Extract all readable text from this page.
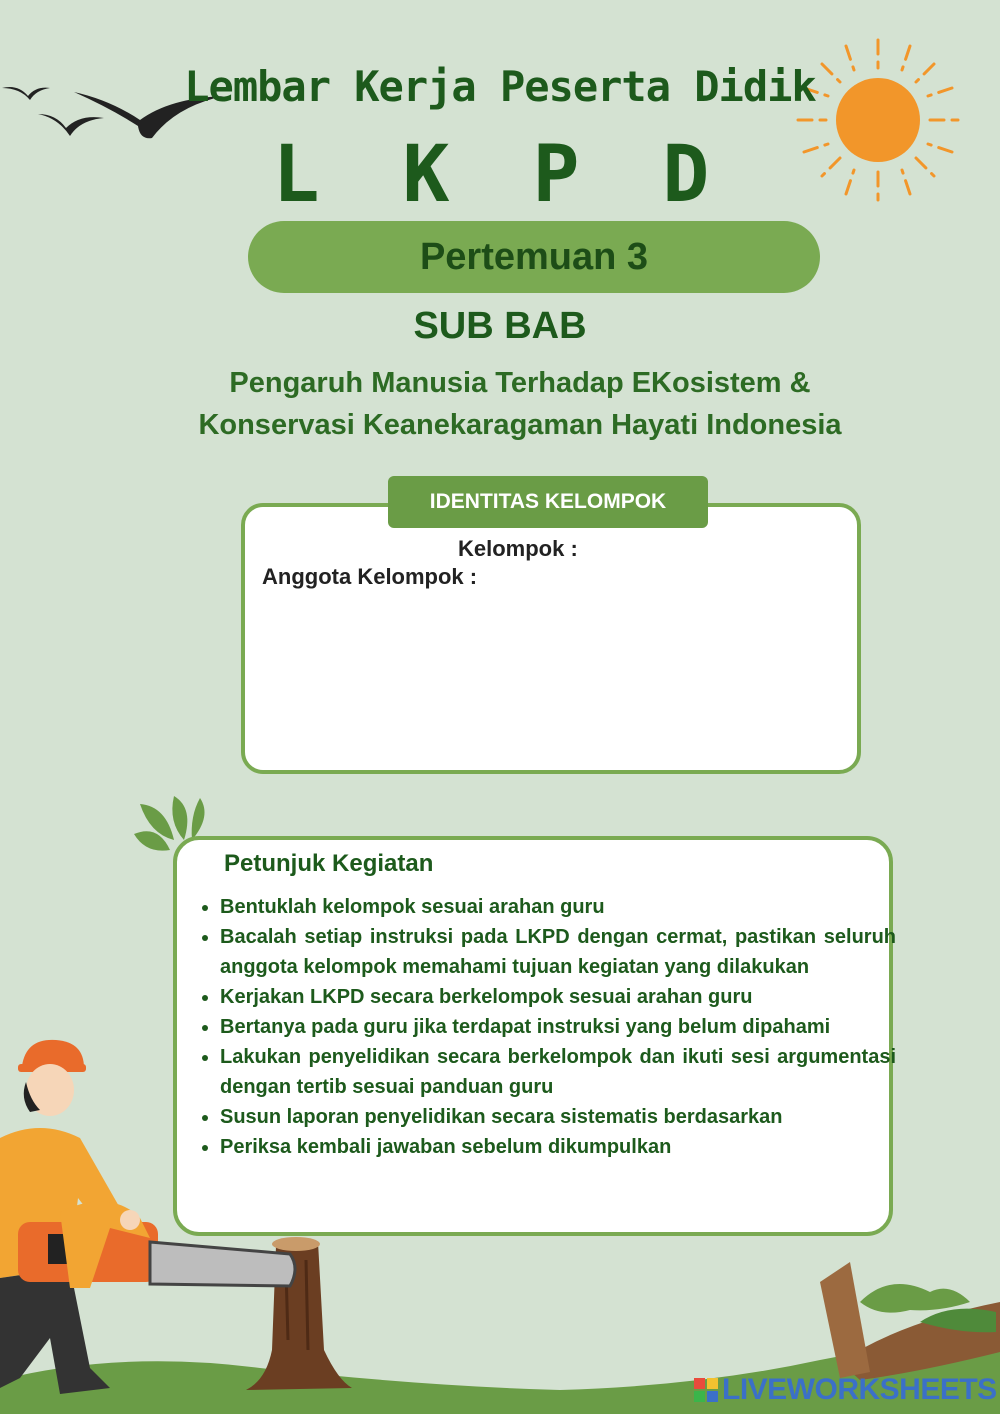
Lembar Kerja Peserta Didik
L K P D
Pertemuan 3
SUB BAB
Pengaruh Manusia Terhadap EKosistem &
Konservasi Keanekaragaman Hayati Indonesia
IDENTITAS KELOMPOK
Kelompok :
Anggota Kelompok :
Petunjuk Kegiatan
• Bentuklah kelompok sesuai arahan guru
• Bacalah setiap instruksi pada LKPD dengan cermat, pastikan seluruh anggota kelompok memahami tujuan kegiatan yang dilakukan
• Kerjakan LKPD secara berkelompok sesuai arahan guru
• Bertanya pada guru jika terdapat instruksi yang belum dipahami
• Lakukan penyelidikan secara berkelompok dan ikuti sesi argumentasi dengan tertib sesuai panduan guru
• Susun laporan penyelidikan secara sistematis berdasarkan
• Periksa kembali jawaban sebelum dikumpulkan
LIVEWORKSHEETS
